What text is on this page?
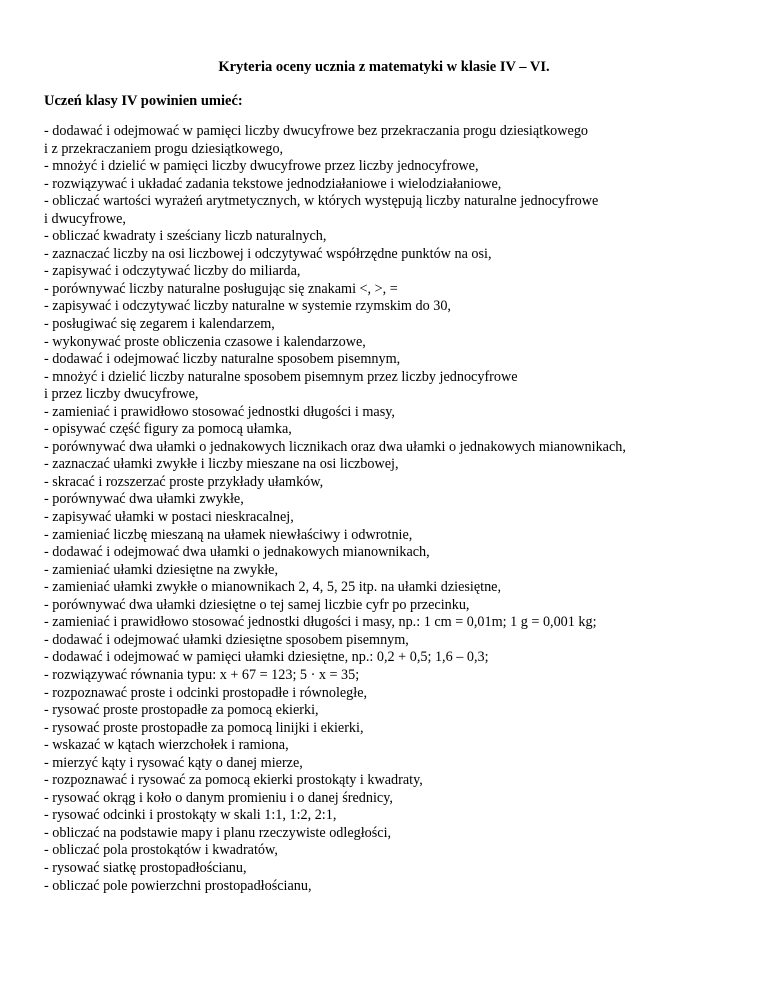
Kryteria oceny ucznia z matematyki w klasie IV – VI.
Uczeń klasy IV powinien umieć:
- dodawać i odejmować w pamięci liczby dwucyfrowe bez przekraczania progu dziesiątkowego
i z przekraczaniem progu dziesiątkowego,
- mnożyć i dzielić w pamięci liczby dwucyfrowe przez liczby jednocyfrowe,
- rozwiązywać i układać zadania tekstowe jednodziałaniowe i wielodziałaniowe,
- obliczać wartości wyrażeń arytmetycznych, w których występują liczby naturalne jednocyfrowe
i dwucyfrowe,
- obliczać kwadraty i sześciany liczb naturalnych,
- zaznaczać liczby na osi liczbowej i odczytywać współrzędne punktów na osi,
- zapisywać i odczytywać liczby do miliarda,
- porównywać liczby naturalne posługując się znakami <, >, =
- zapisywać i odczytywać liczby naturalne w systemie rzymskim do 30,
- posługiwać się zegarem i kalendarzem,
- wykonywać proste obliczenia czasowe i kalendarzowe,
- dodawać i odejmować liczby naturalne sposobem pisemnym,
- mnożyć i dzielić liczby naturalne sposobem pisemnym przez liczby jednocyfrowe
i przez liczby dwucyfrowe,
- zamieniać i prawidłowo stosować jednostki długości i masy,
- opisywać część figury za pomocą ułamka,
- porównywać dwa ułamki o jednakowych licznikach oraz dwa ułamki o jednakowych mianownikach,
- zaznaczać ułamki zwykłe i liczby mieszane na osi liczbowej,
- skracać i rozszerzać proste przykłady ułamków,
- porównywać dwa ułamki zwykłe,
- zapisywać ułamki w postaci nieskracalnej,
- zamieniać liczbę mieszaną na ułamek niewłaściwy i odwrotnie,
- dodawać i odejmować dwa ułamki o jednakowych mianownikach,
- zamieniać ułamki dziesiętne na zwykłe,
- zamieniać ułamki zwykłe o mianownikach 2, 4, 5, 25 itp. na ułamki dziesiętne,
- porównywać dwa ułamki dziesiętne o tej samej liczbie cyfr po przecinku,
- zamieniać i prawidłowo stosować jednostki długości i masy, np.: 1 cm = 0,01m; 1 g = 0,001 kg;
- dodawać i odejmować ułamki dziesiętne sposobem pisemnym,
- dodawać i odejmować w pamięci ułamki dziesiętne, np.: 0,2 + 0,5; 1,6 – 0,3;
- rozwiązywać równania typu: x + 67 = 123; 5 · x = 35;
- rozpoznawać proste i odcinki prostopadłe i równoległe,
- rysować proste prostopadłe za pomocą ekierki,
- rysować proste prostopadłe za pomocą linijki i ekierki,
- wskazać w kątach wierzchołek i ramiona,
- mierzyć kąty i rysować kąty o danej mierze,
- rozpoznawać i rysować za pomocą ekierki prostokąty i kwadraty,
- rysować okrąg i koło o danym promieniu i o danej średnicy,
- rysować odcinki i prostokąty w skali 1:1, 1:2, 2:1,
- obliczać na podstawie mapy i planu rzeczywiste odległości,
- obliczać pola prostokątów i kwadratów,
- rysować siatkę prostopadłościanu,
- obliczać pole powierzchni prostopadłościanu,
